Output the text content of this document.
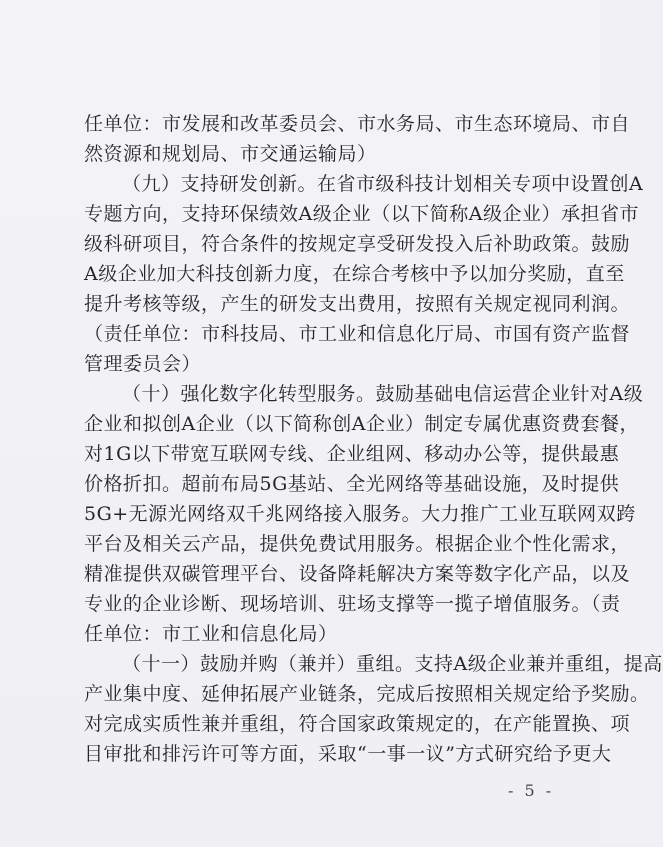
任单位：市发展和改革委员会、市水务局、市生态环境局、市自
然资源和规划局、市交通运输局）
（九）支持研发创新。在省市级科技计划相关专项中设置创A
专题方向，支持环保绩效A级企业（以下简称A级企业）承担省市
级科研项目，符合条件的按规定享受研发投入后补助政策。鼓励
A级企业加大科技创新力度，在综合考核中予以加分奖励，直至
提升考核等级，产生的研发支出费用，按照有关规定视同利润。
（责任单位：市科技局、市工业和信息化厅局、市国有资产监督
管理委员会）
（十）强化数字化转型服务。鼓励基础电信运营企业针对A级
企业和拟创A企业（以下简称创A企业）制定专属优惠资费套餐，
对1G以下带宽互联网专线、企业组网、移动办公等，提供最惠
价格折扣。超前布局5G基站、全光网络等基础设施，及时提供
5G+无源光网络双千兆网络接入服务。大力推广工业互联网双跨
平台及相关云产品，提供免费试用服务。根据企业个性化需求，
精准提供双碳管理平台、设备降耗解决方案等数字化产品，以及
专业的企业诊断、现场培训、驻场支撑等一揽子增值服务。（责
任单位：市工业和信息化局）
（十一）鼓励并购（兼并）重组。支持A级企业兼并重组，提高
产业集中度、延伸拓展产业链条，完成后按照相关规定给予奖励。
对完成实质性兼并重组，符合国家政策规定的，在产能置换、项
目审批和排污许可等方面，采取“一事一议”方式研究给予更大
- 5 -
